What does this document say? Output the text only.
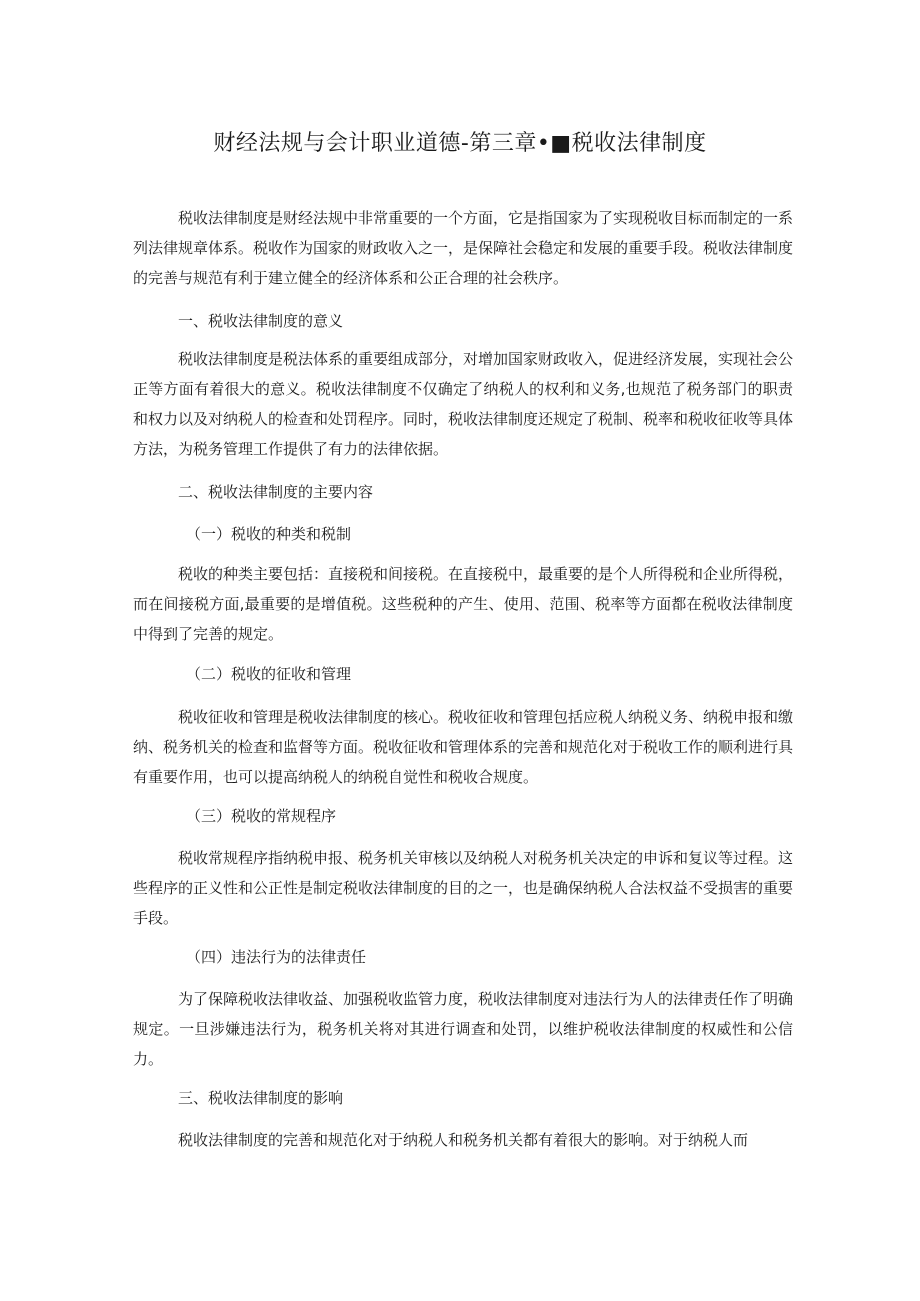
财经法规与会计职业道德-第三章•■税收法律制度

税收法律制度是财经法规中非常重要的一个方面，它是指国家为了实现税收目标而制定的一系列法律规章体系。税收作为国家的财政收入之一，是保障社会稳定和发展的重要手段。税收法律制度的完善与规范有利于建立健全的经济体系和公正合理的社会秩序。

一、税收法律制度的意义

税收法律制度是税法体系的重要组成部分，对增加国家财政收入，促进经济发展，实现社会公正等方面有着很大的意义。税收法律制度不仅确定了纳税人的权利和义务,也规范了税务部门的职责和权力以及对纳税人的检查和处罚程序。同时，税收法律制度还规定了税制、税率和税收征收等具体方法，为税务管理工作提供了有力的法律依据。

二、税收法律制度的主要内容

（一）税收的种类和税制

税收的种类主要包括：直接税和间接税。在直接税中，最重要的是个人所得税和企业所得税，而在间接税方面,最重要的是增值税。这些税种的产生、使用、范围、税率等方面都在税收法律制度中得到了完善的规定。

（二）税收的征收和管理

税收征收和管理是税收法律制度的核心。税收征收和管理包括应税人纳税义务、纳税申报和缴纳、税务机关的检查和监督等方面。税收征收和管理体系的完善和规范化对于税收工作的顺利进行具有重要作用，也可以提高纳税人的纳税自觉性和税收合规度。

（三）税收的常规程序

税收常规程序指纳税申报、税务机关审核以及纳税人对税务机关决定的申诉和复议等过程。这些程序的正义性和公正性是制定税收法律制度的目的之一，也是确保纳税人合法权益不受损害的重要手段。

（四）违法行为的法律责任

为了保障税收法律收益、加强税收监管力度，税收法律制度对违法行为人的法律责任作了明确规定。一旦涉嫌违法行为，税务机关将对其进行调查和处罚，以维护税收法律制度的权威性和公信力。

三、税收法律制度的影响

税收法律制度的完善和规范化对于纳税人和税务机关都有着很大的影响。对于纳税人而
